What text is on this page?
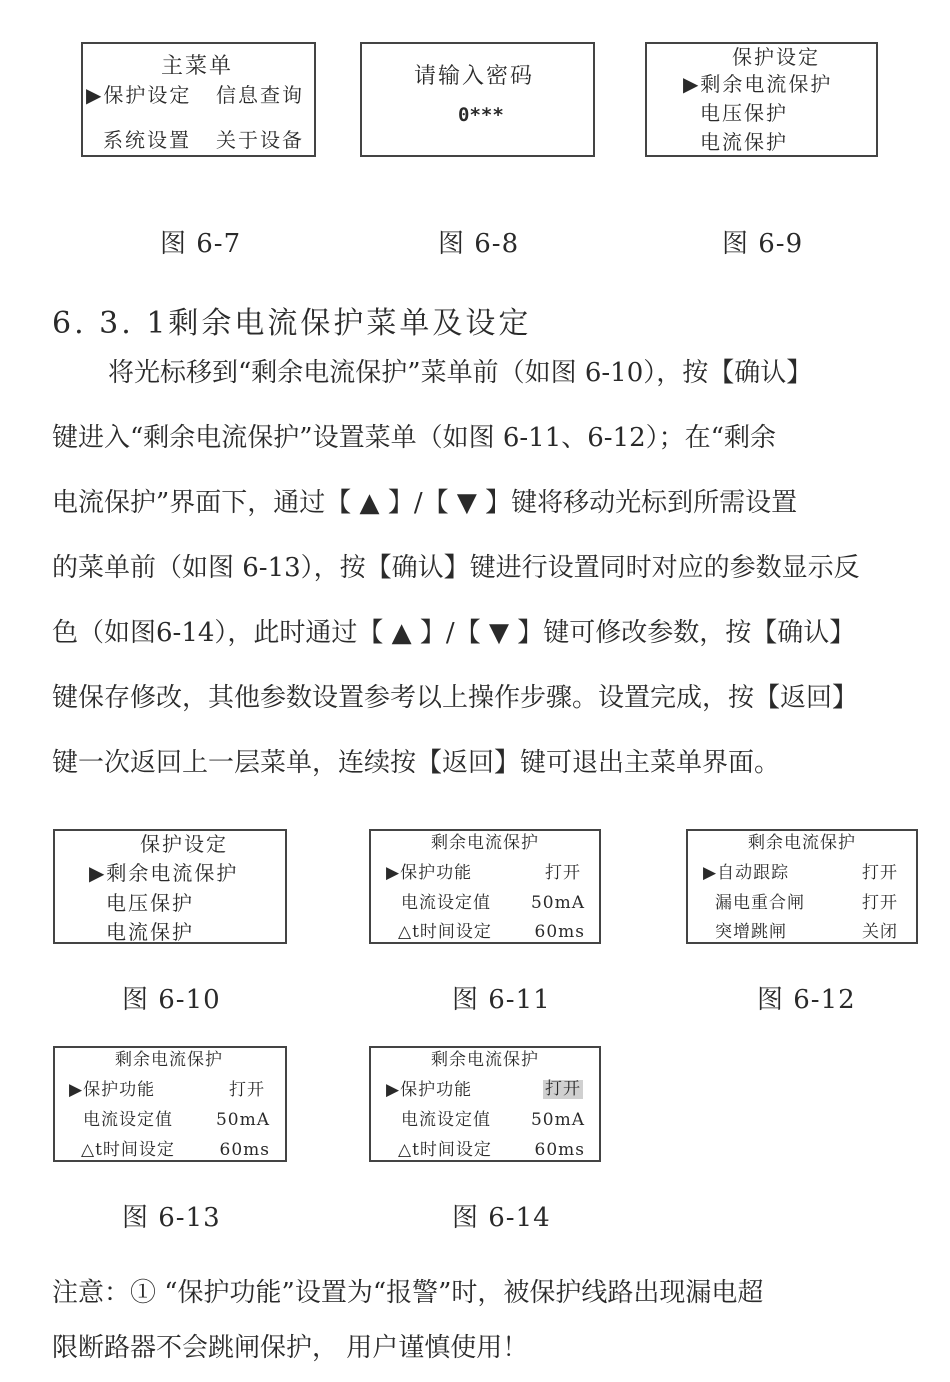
主菜单
▶保护设定 信息查询
系统设置 关于设备
图 6-7
请输入密码
0***
图 6-8
保护设定
▶剩余电流保护
电压保护
电流保护
图 6-9
6. 3. 1剩余电流保护菜单及设定
将光标移到“剩余电流保护”菜单前（如图 6-10），按【确认】
键进入“剩余电流保护”设置菜单（如图 6-11、6-12）；在“剩余
电流保护”界面下，通过【 ▲ 】/【 ▼ 】键将移动光标到所需设置
的菜单前（如图 6-13），按【确认】键进行设置同时对应的参数显示反
色（如图6-14），此时通过【 ▲ 】/【 ▼ 】键可修改参数，按【确认】
键保存修改，其他参数设置参考以上操作步骤。设置完成，按【返回】
键一次返回上一层菜单，连续按【返回】键可退出主菜单界面。
保护设定
▶剩余电流保护
电压保护
电流保护
图 6-10
剩余电流保护
▶保护功能	打开
电流设定值 50mA
△t时间设定	60ms
图 6-11
剩余电流保护
▶自动跟踪	打开
漏电重合闸	打开
突增跳闸	关闭
图 6-12
剩余电流保护
▶保护功能	打开
电流设定值	50mA
△t时间设定	60ms
图 6-13
剩余电流保护
▶保护功能	打开
电流设定值 50mA
△t时间设定	60ms
图 6-14
注意：① “保护功能”设置为“报警”时，被保护线路出现漏电超
限断路器不会跳闸保护， 用户谨慎使用！
